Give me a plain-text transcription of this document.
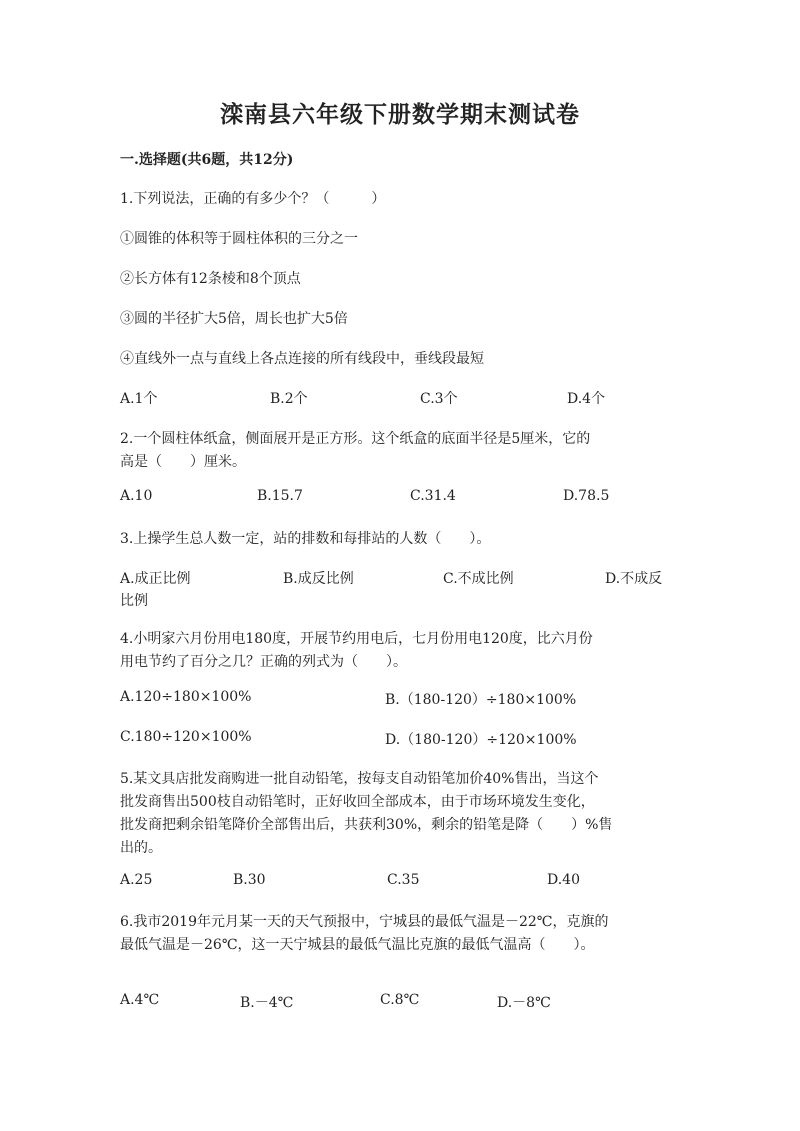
滦南县六年级下册数学期末测试卷
一.选择题(共6题，共12分)
1.下列说法，正确的有多少个？（　　　）
①圆锥的体积等于圆柱体积的三分之一
②长方体有12条棱和8个顶点
③圆的半径扩大5倍，周长也扩大5倍
④直线外一点与直线上各点连接的所有线段中，垂线段最短
A.1个	B.2个	C.3个	D.4个
2.一个圆柱体纸盒，侧面展开是正方形。这个纸盒的底面半径是5厘米，它的
高是（　　）厘米。
A.10	B.15.7	C.31.4	D.78.5
3.上操学生总人数一定，站的排数和每排站的人数（　　）。
A.成正比例	B.成反比例	C.不成比例	D.不成反
比例
4.小明家六月份用电180度，开展节约用电后，七月份用电120度，比六月份
用电节约了百分之几？正确的列式为（　　）。
A.120÷180×100%	B.（180-120）÷180×100%
C.180÷120×100%	D.（180-120）÷120×100%
5.某文具店批发商购进一批自动铅笔，按每支自动铅笔加价40%售出，当这个
批发商售出500枝自动铅笔时，正好收回全部成本，由于市场环境发生变化，
批发商把剩余铅笔降价全部售出后，共获利30%，剩余的铅笔是降（　　）%售
出的。
A.25	B.30	C.35	D.40
6.我市2019年元月某一天的天气预报中，宁城县的最低气温是－22℃，克旗的
最低气温是－26℃，这一天宁城县的最低气温比克旗的最低气温高（　　）。
A.4℃	B.－4℃	C.8℃	D.－8℃
